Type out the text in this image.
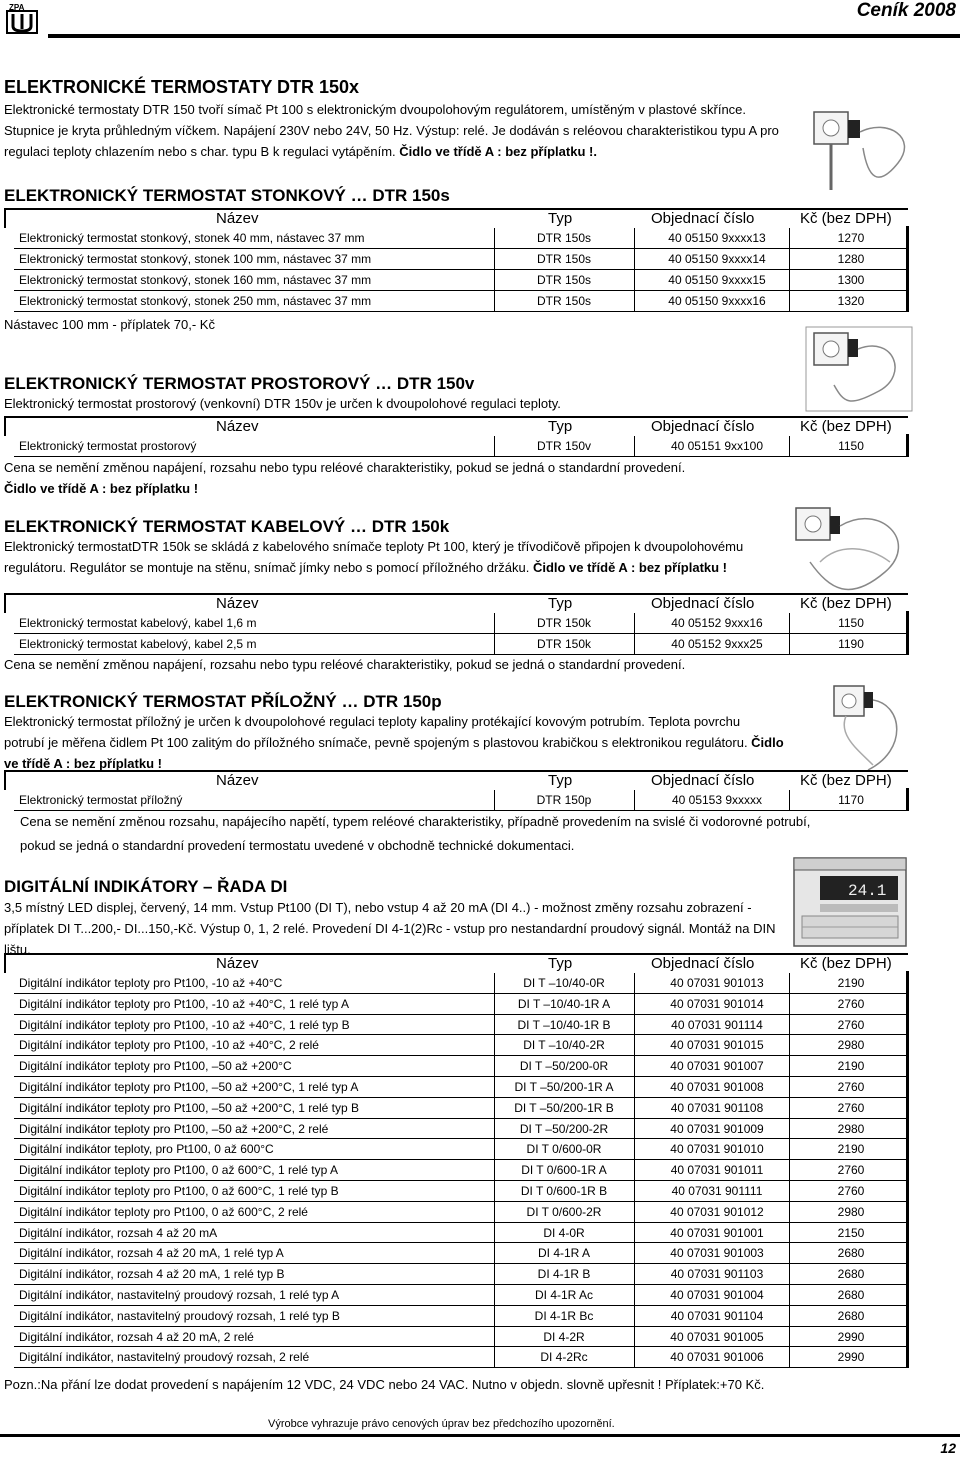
ZPA	Ceník 2008
ELEKTRONICKÉ TERMOSTATY DTR 150x

Elektronické termostaty DTR 150 tvoří símač Pt 100 s elektronickým dvoupolohovým regulátorem, umístěným v plastové skřínce. Stupnice je kryta průhledným víčkem. Napájení 230V nebo 24V, 50 Hz. Výstup: relé. Je dodáván s reléovou charakteristikou typu A pro regulaci teploty chlazením nebo s char. typu B k regulaci vytápěním. Čidlo ve třídě A : bez příplatku !.

ELEKTRONICKÝ TERMOSTAT STONKOVÝ … DTR 150s
Název	Typ	Objednací číslo	Kč (bez DPH)
Elektronický termostat stonkový, stonek 40 mm, nástavec 37 mm	DTR 150s	40 05150 9xxxx13	1270
Elektronický termostat stonkový, stonek 100 mm, nástavec 37 mm	DTR 150s	40 05150 9xxxx14	1280
Elektronický termostat stonkový, stonek 160 mm, nástavec 37 mm	DTR 150s	40 05150 9xxxx15	1300
Elektronický termostat stonkový, stonek 250 mm, nástavec 37 mm	DTR 150s	40 05150 9xxxx16	1320
Nástavec 100 mm - příplatek 70,- Kč
ELEKTRONICKÝ TERMOSTAT PROSTOROVÝ … DTR 150v

Elektronický termostat prostorový (venkovní) DTR 150v je určen k dvoupolohové regulaci teploty.

Název	Typ	Objednací číslo	Kč (bez DPH)
Elektronický termostat prostorový	DTR 150v	40 05151 9xx100	1150
Cena se nemění změnou napájení, rozsahu nebo typu reléové charakteristiky, pokud se jedná o standardní provedení.
Čidlo ve třídě A : bez příplatku !
ELEKTRONICKÝ TERMOSTAT KABELOVÝ … DTR 150k

Elektronický termostatDTR 150k se skládá z kabelového snímače teploty Pt 100, který je třívodičově připojen k dvoupolohovému regulátoru. Regulátor se montuje na stěnu, snímač jímky nebo s pomocí příložného držáku. Čidlo ve třídě A : bez příplatku !

Název	Typ	Objednací číslo	Kč (bez DPH)
Elektronický termostat kabelový, kabel 1,6 m	DTR 150k	40 05152 9xxx16	1150
Elektronický termostat kabelový, kabel 2,5 m	DTR 150k	40 05152 9xxx25	1190
Cena se nemění změnou napájení, rozsahu nebo typu reléové charakteristiky, pokud se jedná o standardní provedení.
ELEKTRONICKÝ TERMOSTAT PŘÍLOŽNÝ … DTR 150p

Elektronický termostat příložný je určen k dvoupolohové regulaci teploty kapaliny protékající kovovým potrubím. Teplota povrchu potrubí je měřena čidlem Pt 100 zalitým do příložného snímače, pevně spojeným s plastovou krabičkou s elektronikou regulátoru. Čidlo ve třídě A : bez příplatku !

Název	Typ	Objednací číslo	Kč (bez DPH)
Elektronický termostat příložný	DTR 150p	40 05153 9xxxxx	1170

Cena se nemění změnou rozsahu, napájecího napětí, typem reléové charakteristiky, případně provedením na svislé či vodorovné potrubí, pokud se jedná o standardní provedení termostatu uvedené v obchodně technické dokumentaci.

24.1
DIGITÁLNÍ INDIKÁTORY – ŘADA DI

3,5 místný LED displej, červený, 14 mm. Vstup Pt100 (DI T), nebo vstup 4 až 20 mA (DI 4..) - možnost změny rozsahu zobrazení - příplatek DI T...200,- DI...150,-Kč. Výstup 0, 1, 2 relé. Provedení DI 4-1(2)Rc - vstup pro nestandardní proudový signál. Montáž na DIN lištu.

Název	Typ	Objednací číslo	Kč (bez DPH)
Digitální indikátor teploty pro Pt100, -10 až +40°C	DI T –10/40-0R	40 07031 901013	2190
Digitální indikátor teploty pro Pt100, -10 až +40°C, 1 relé typ A	DI T –10/40-1R A	40 07031 901014	2760
Digitální indikátor teploty pro Pt100, -10 až +40°C, 1 relé typ B	DI T –10/40-1R B	40 07031 901114	2760
Digitální indikátor teploty pro Pt100, -10 až +40°C, 2 relé	DI T –10/40-2R	40 07031 901015	2980
Digitální indikátor teploty pro Pt100, –50 až +200°C	DI T –50/200-0R	40 07031 901007	2190
Digitální indikátor teploty pro Pt100, –50 až +200°C, 1 relé typ A	DI T –50/200-1R A	40 07031 901008	2760
Digitální indikátor teploty pro Pt100, –50 až +200°C, 1 relé typ B	DI T –50/200-1R B	40 07031 901108	2760
Digitální indikátor teploty pro Pt100, –50 až +200°C, 2 relé	DI T –50/200-2R	40 07031 901009	2980
Digitální indikátor teploty, pro Pt100, 0 až 600°C	DI T 0/600-0R	40 07031 901010	2190
Digitální indikátor teploty pro Pt100, 0 až 600°C, 1 relé typ A	DI T 0/600-1R A	40 07031 901011	2760
Digitální indikátor teploty pro Pt100, 0 až 600°C, 1 relé typ B	DI T 0/600-1R B	40 07031 901111	2760
Digitální indikátor teploty pro Pt100, 0 až 600°C, 2 relé	DI T 0/600-2R	40 07031 901012	2980
Digitální indikátor, rozsah 4 až 20 mA	DI 4-0R	40 07031 901001	2150
Digitální indikátor, rozsah 4 až 20 mA, 1 relé typ A	DI 4-1R A	40 07031 901003	2680
Digitální indikátor, rozsah 4 až 20 mA, 1 relé typ B	DI 4-1R B	40 07031 901103	2680
Digitální indikátor, nastavitelný proudový rozsah, 1 relé typ A	DI 4-1R Ac	40 07031 901004	2680
Digitální indikátor, nastavitelný proudový rozsah, 1 relé typ B	DI 4-1R Bc	40 07031 901104	2680
Digitální indikátor, rozsah 4 až 20 mA, 2 relé	DI 4-2R	40 07031 901005	2990
Digitální indikátor, nastavitelný proudový rozsah, 2 relé	DI 4-2Rc	40 07031 901006	2990
Pozn.:Na přání lze dodat provedení s napájením 12 VDC, 24 VDC nebo 24 VAC. Nutno v objedn. slovně upřesnit ! Příplatek:+70 Kč.
Výrobce vyhrazuje právo cenových úprav bez předchozího upozornění.
12
